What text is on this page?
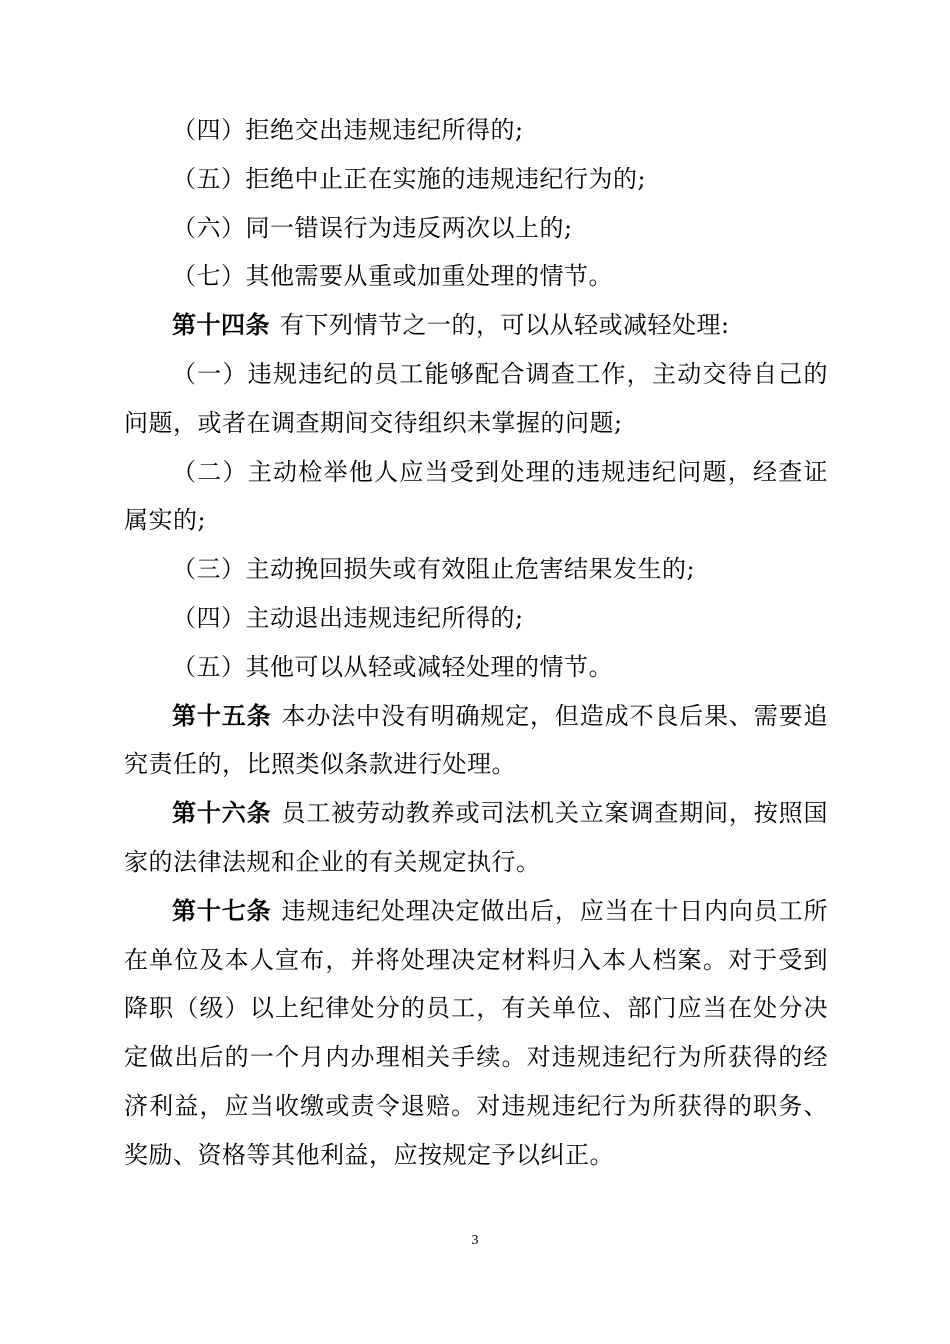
（四）拒绝交出违规违纪所得的;

（五）拒绝中止正在实施的违规违纪行为的;

（六）同一错误行为违反两次以上的;

（七）其他需要从重或加重处理的情节。

第十四条 有下列情节之一的，可以从轻或减轻处理:

（一）违规违纪的员工能够配合调查工作，主动交待自己的问题，或者在调查期间交待组织未掌握的问题;

（二）主动检举他人应当受到处理的违规违纪问题，经查证属实的;

（三）主动挽回损失或有效阻止危害结果发生的;

（四）主动退出违规违纪所得的;

（五）其他可以从轻或减轻处理的情节。

第十五条 本办法中没有明确规定，但造成不良后果、需要追究责任的，比照类似条款进行处理。

第十六条 员工被劳动教养或司法机关立案调查期间，按照国家的法律法规和企业的有关规定执行。

第十七条 违规违纪处理决定做出后，应当在十日内向员工所在单位及本人宣布，并将处理决定材料归入本人档案。对于受到降职（级）以上纪律处分的员工，有关单位、部门应当在处分决定做出后的一个月内办理相关手续。对违规违纪行为所获得的经济利益，应当收缴或责令退赔。对违规违纪行为所获得的职务、奖励、资格等其他利益，应按规定予以纠正。

3
